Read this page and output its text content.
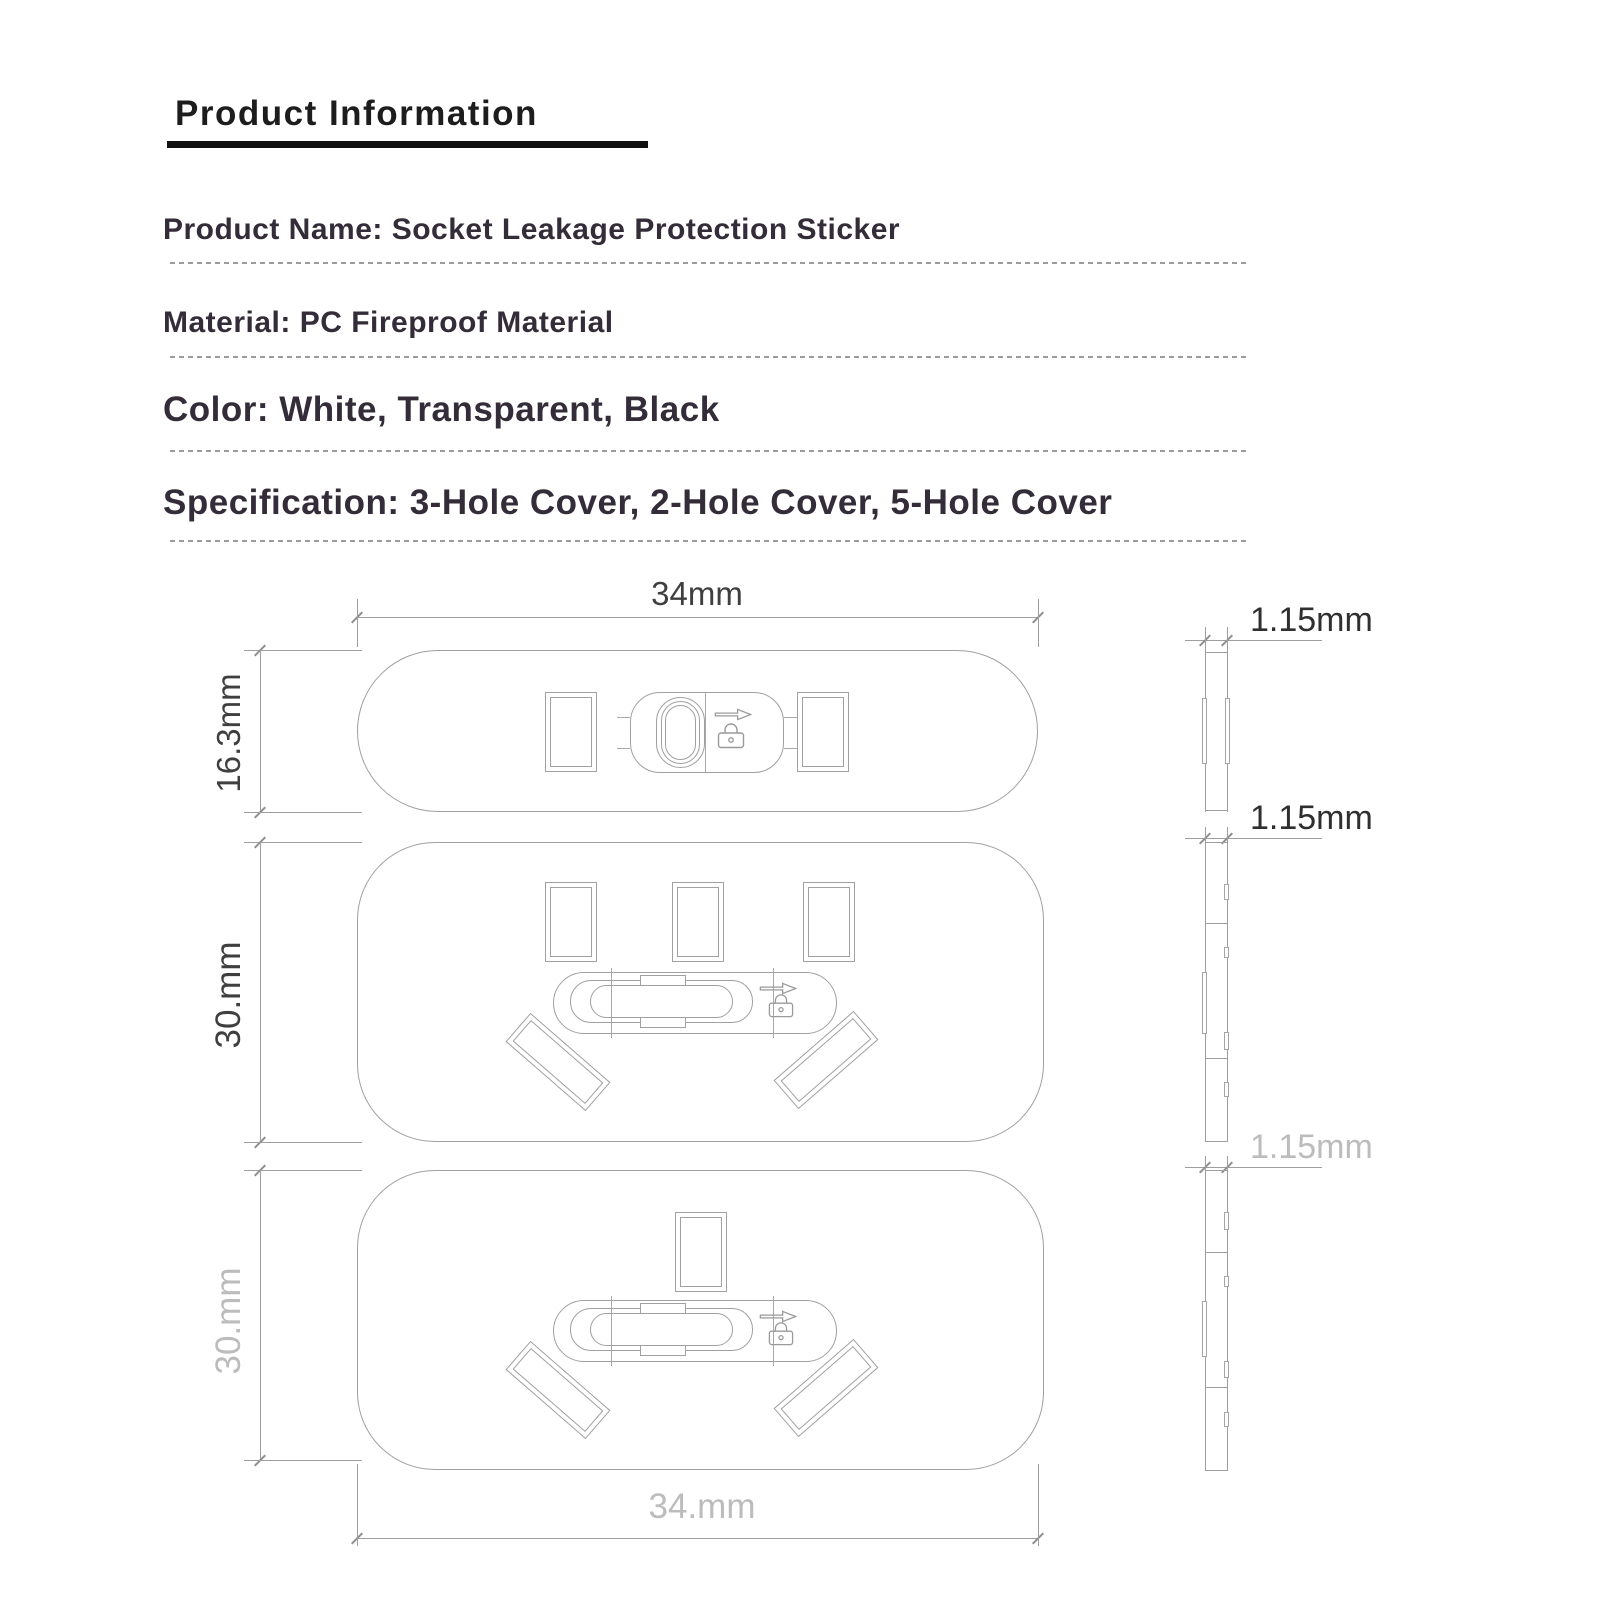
Product Information
Product Name: Socket Leakage Protection Sticker
Material: PC Fireproof Material
Color: White, Transparent, Black
Specification: 3-Hole Cover, 2-Hole Cover, 5-Hole Cover
34mm
16.3mm
30.mm
30.mm
34.mm
1.15mm
1.15mm
1.15mm
